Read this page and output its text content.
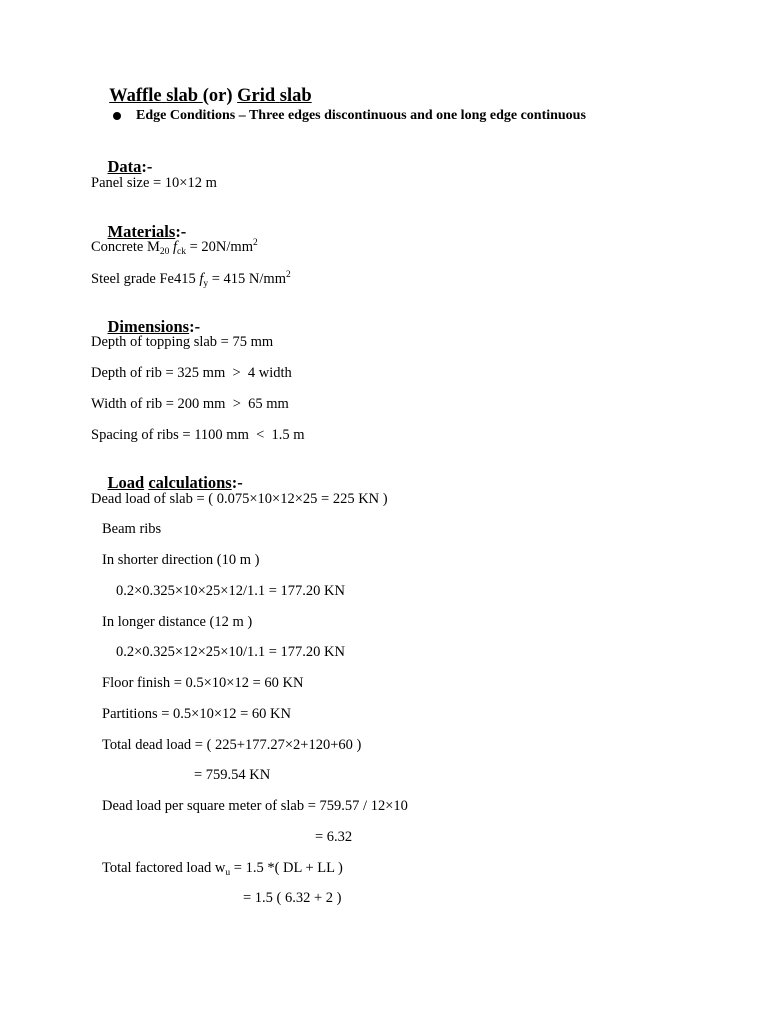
Waffle slab (or) Grid slab

Edge Conditions – Three edges discontinuous and one long edge continuous

Data:-

Panel size = 10×12 m

Materials:-

Concrete $M_{20}$ $f_{ck} = 20N/mm^2$
Steel grade Fe415 $f_y = 415$ $N/mm^2$

Dimensions:-

Depth of topping slab = 75 mm
Depth of rib = 325 mm  >  4 width
Width of rib = 200 mm  >  65 mm
Spacing of ribs = 1100 mm  <  1.5 m

Load calculations:-

Dead load of slab = ( 0.075×10×12×25 = 225 KN )
Beam ribs
In shorter direction (10 m )
0.2×0.325×10×25×12/1.1 = 177.20 KN
In longer distance (12 m )
0.2×0.325×12×25×10/1.1 = 177.20 KN
Floor finish = 0.5×10×12 = 60 KN
Partitions = 0.5×10×12 = 60 KN
Total dead load = ( 225+177.27×2+120+60 )
= 759.54 KN
Dead load per square meter of slab = 759.57 / 12×10
= 6.32
Total factored load $w_u = 1.5$ *( DL + LL )
= 1.5 ( 6.32 + 2 )
